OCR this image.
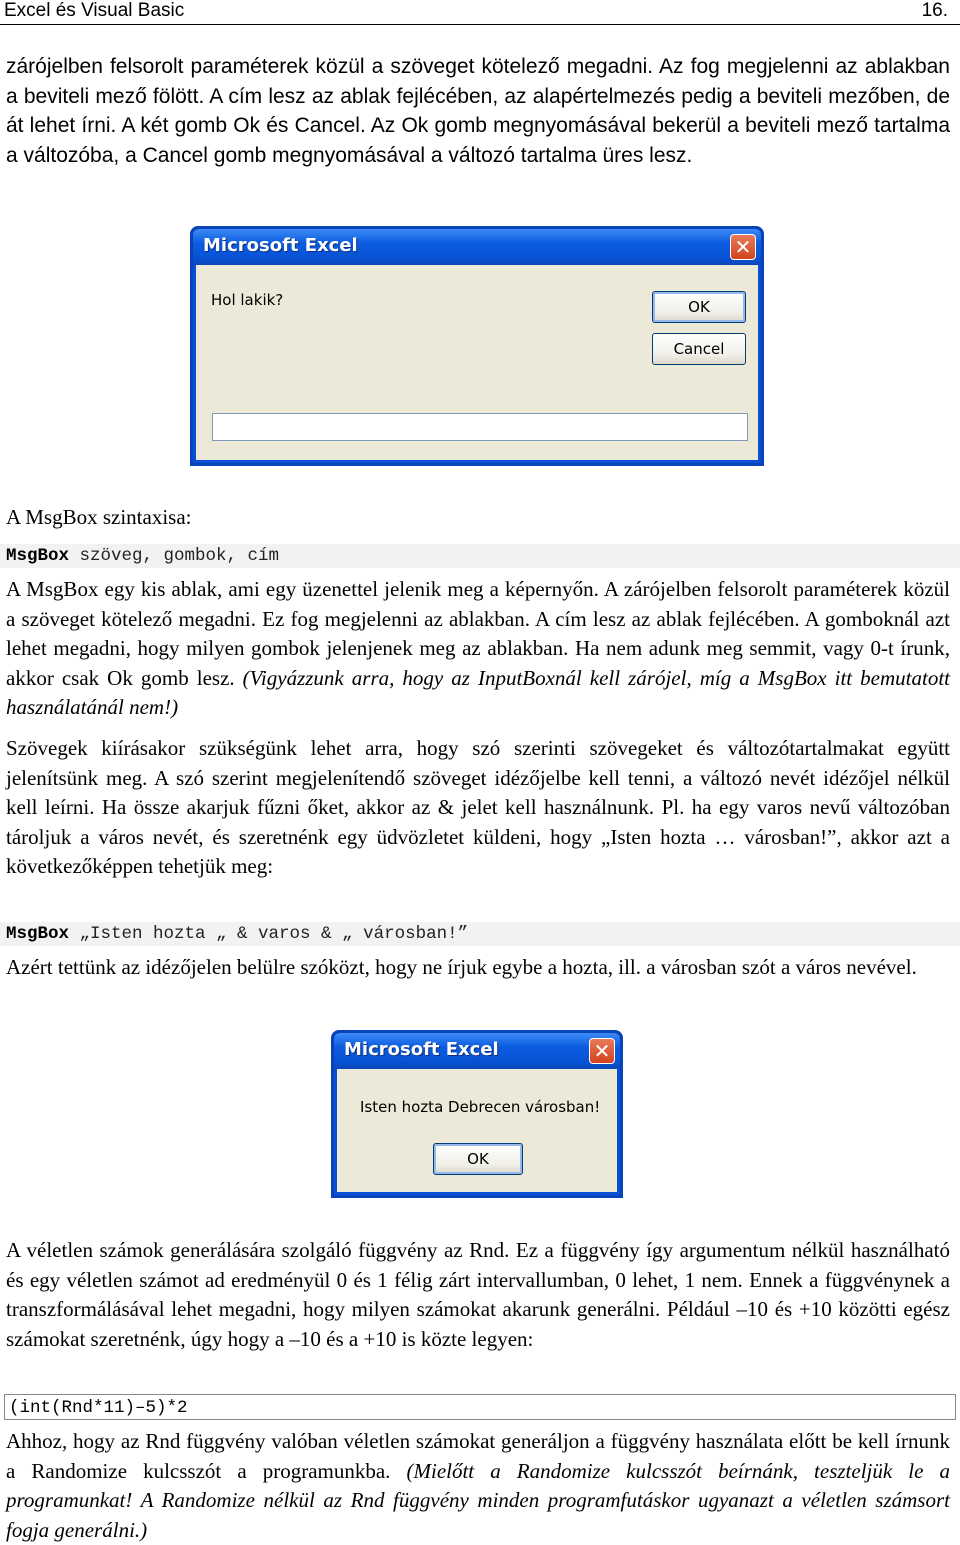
Excel és Visual Basic	16.
zárójelben felsorolt paraméterek közül a szöveget kötelező megadni. Az fog megjelenni az ablakban a beviteli mező fölött. A cím lesz az ablak fejlécében, az alapértelmezés pedig a beviteli mezőben, de át lehet írni. A két gomb Ok és Cancel. Az Ok gomb megnyomásával bekerül a beviteli mező tartalma a változóba, a Cancel gomb megnyomásával a változó tartalma üres lesz.
Microsoft Excel	✕
Hol lakik?	OK
Cancel
A MsgBox szintaxisa:
MsgBox szöveg, gombok, cím
A MsgBox egy kis ablak, ami egy üzenettel jelenik meg a képernyőn. A zárójelben felsorolt paraméterek közül a szöveget kötelező megadni. Ez fog megjelenni az ablakban. A cím lesz az ablak fejlécében. A gomboknál azt lehet megadni, hogy milyen gombok jelenjenek meg az ablakban. Ha nem adunk meg semmit, vagy 0-t írunk, akkor csak Ok gomb lesz. (Vigyázzunk arra, hogy az InputBoxnál kell zárójel, míg a MsgBox itt bemutatott használatánál nem!)
Szövegek kiírásakor szükségünk lehet arra, hogy szó szerinti szövegeket és változótartalmakat együtt jelenítsünk meg. A szó szerint megjelenítendő szöveget idézőjelbe kell tenni, a változó nevét idézőjel nélkül kell leírni. Ha össze akarjuk fűzni őket, akkor az & jelet kell használnunk. Pl. ha egy varos nevű változóban tároljuk a város nevét, és szeretnénk egy üdvözletet küldeni, hogy „Isten hozta … városban!”, akkor azt a következőképpen tehetjük meg:
MsgBox „Isten hozta „ & varos & „ városban!”
Azért tettünk az idézőjelen belülre szóközt, hogy ne írjuk egybe a hozta, ill. a városban szót a város nevével.
Microsoft Excel	✕
Isten hozta Debrecen városban!
OK
A véletlen számok generálására szolgáló függvény az Rnd. Ez a függvény így argumentum nélkül használható és egy véletlen számot ad eredményül 0 és 1 félig zárt intervallumban, 0 lehet, 1 nem. Ennek a függvénynek a transzformálásával lehet megadni, hogy milyen számokat akarunk generálni. Például –10 és +10 közötti egész számokat szeretnénk, úgy hogy a –10 és a +10 is közte legyen:
(int(Rnd*11)–5)*2
Ahhoz, hogy az Rnd függvény valóban véletlen számokat generáljon a függvény használata előtt be kell írnunk a Randomize kulcsszót a programunkba. (Mielőtt a Randomize kulcsszót beírnánk, teszteljük le a programunkat! A Randomize nélkül az Rnd függvény minden programfutáskor ugyanazt a véletlen számsort fogja generálni.)
